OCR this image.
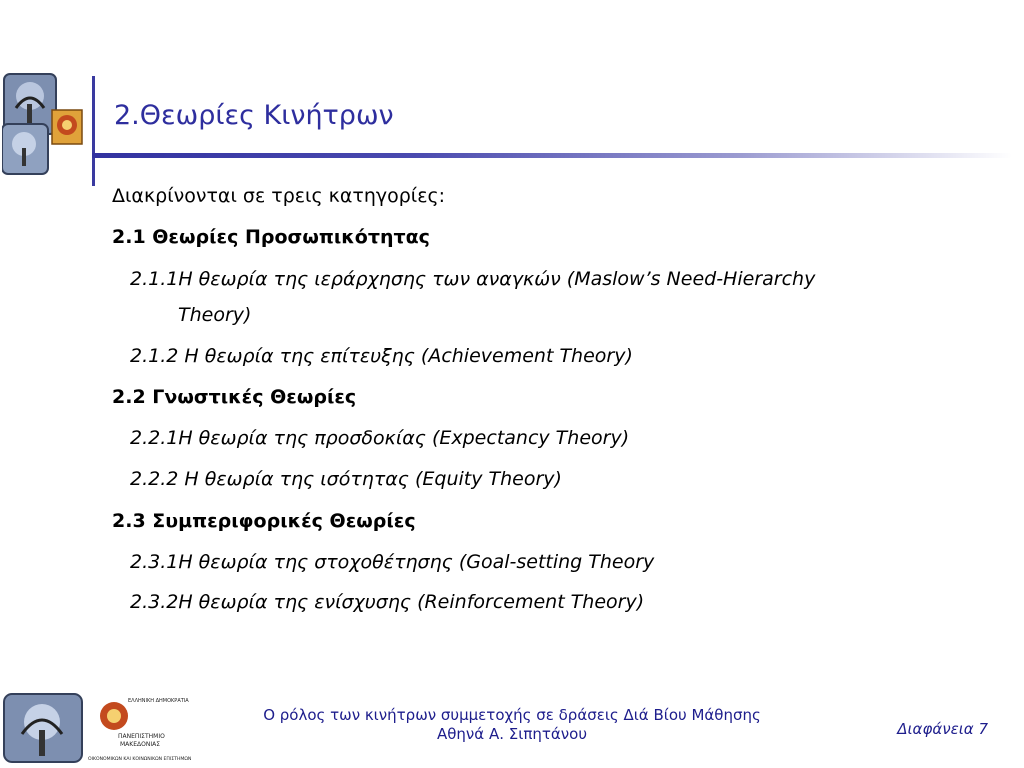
2.Θεωρίες Κινήτρων
Διακρίνονται σε τρεις κατηγορίες:
2.1 Θεωρίες Προσωπικότητας
2.1.1Η θεωρία της ιεράρχησης των αναγκών (Maslow’s Need-Hierarchy
Theory)
2.1.2 Η θεωρία της επίτευξης (Achievement Theory)
2.2 Γνωστικές Θεωρίες
2.2.1Η θεωρία της προσδοκίας (Expectancy Theory)
2.2.2 Η θεωρία της ισότητας (Equity Theory)
2.3 Συμπεριφορικές Θεωρίες
2.3.1Η θεωρία της στοχοθέτησης (Goal-setting Theory
2.3.2Η θεωρία της ενίσχυσης (Reinforcement Theory)
ΕΛΛΗΝΙΚΗ ΔΗΜΟΚΡΑΤΙΑ
ΠΑΝΕΠΙΣΤΗΜΙΟ
ΜΑΚΕΔΟΝΙΑΣ
ΟΙΚΟΝΟΜΙΚΩΝ ΚΑΙ ΚΟΙΝΩΝΙΚΩΝ ΕΠΙΣΤΗΜΩΝ
Ο ρόλος των κινήτρων συμμετοχής σε δράσεις Διά Βίου Μάθησης
Αθηνά Α. Σιπητάνου	Διαφάνεια 7
